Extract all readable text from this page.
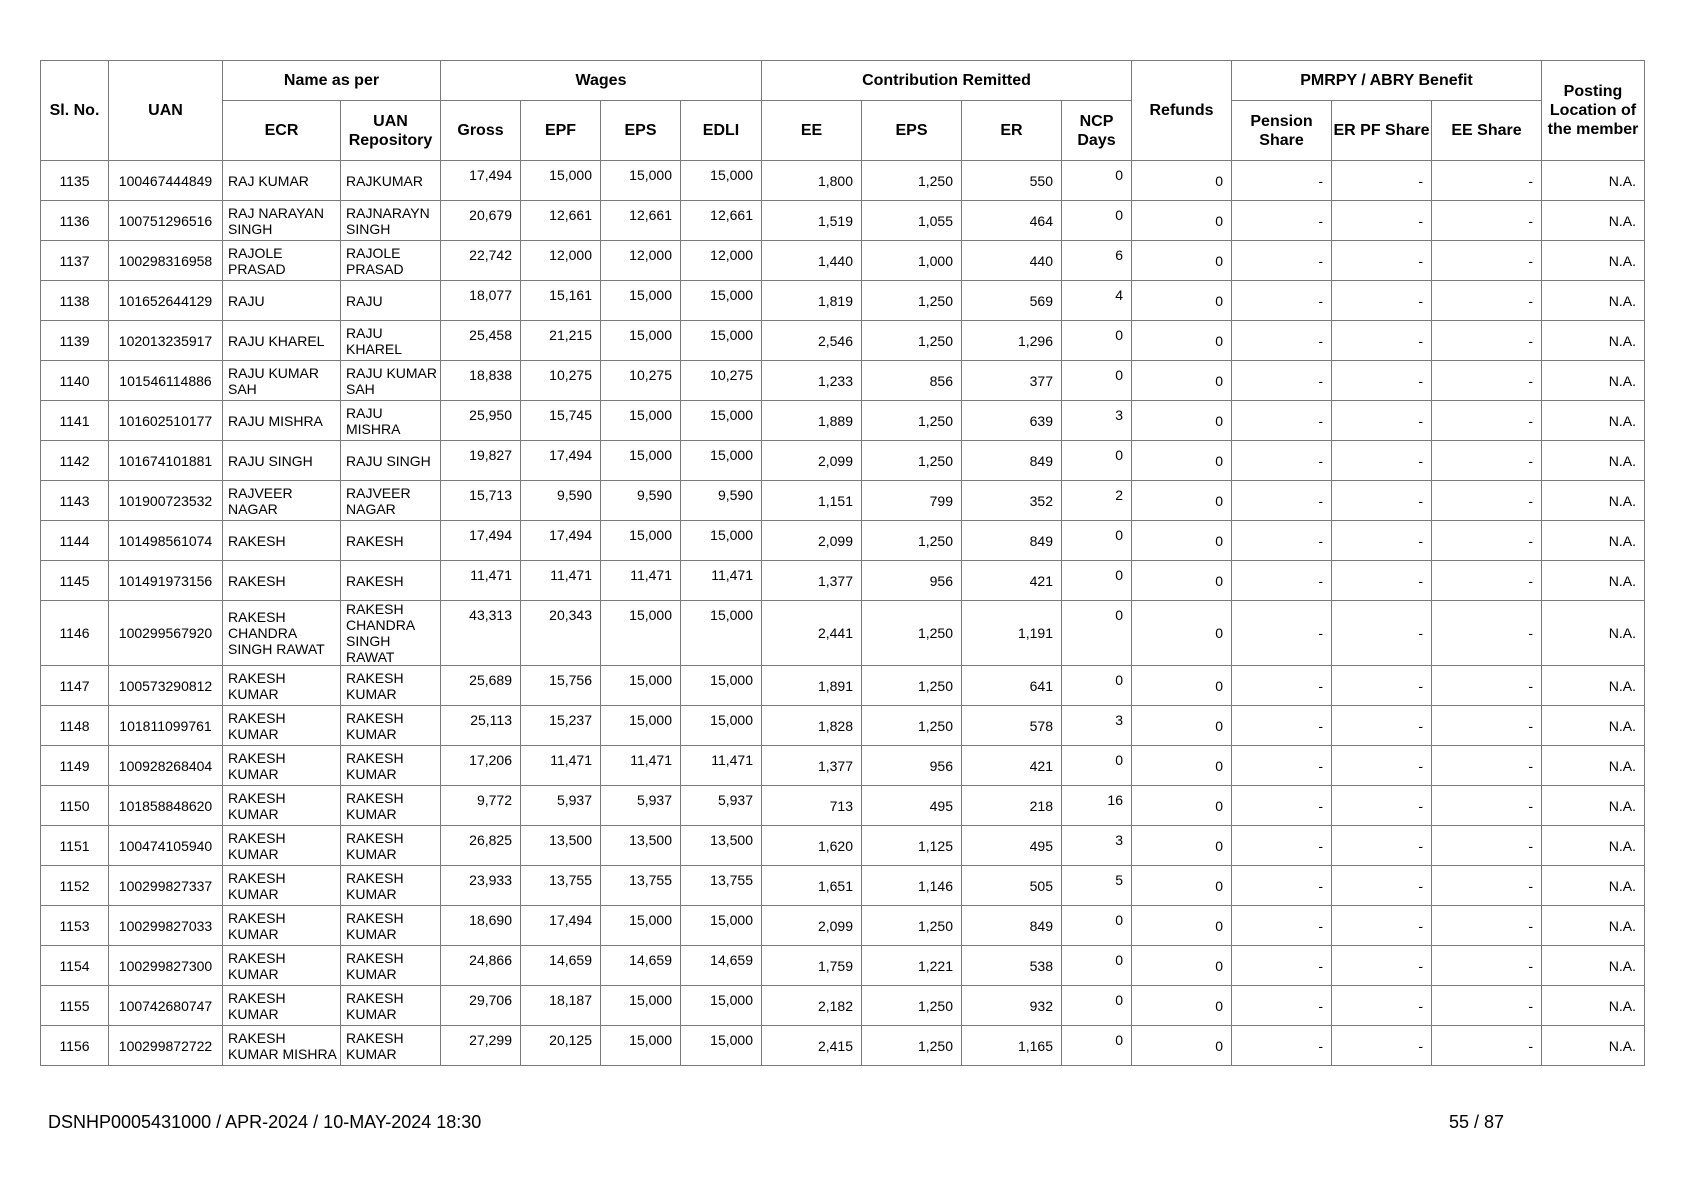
Sl. No.	UAN	Name as per		Wages				Contribution Remitted				Refunds	PMRPY / ABRY Benefit			Posting Location of the member
		ECR	UAN Repository	Gross	EPF	EPS	EDLI	EE	EPS	ER	NCP Days		Pension Share	ER PF Share	EE Share	
1135	100467444849	RAJ KUMAR	RAJKUMAR	17,494	15,000	15,000	15,000	1,800	1,250	550	0	0	-	-	-	N.A.
1136	100751296516	RAJ NARAYAN SINGH	RAJNARAYN SINGH	20,679	12,661	12,661	12,661	1,519	1,055	464	0	0	-	-	-	N.A.
1137	100298316958	RAJOLE PRASAD	RAJOLE PRASAD	22,742	12,000	12,000	12,000	1,440	1,000	440	6	0	-	-	-	N.A.
1138	101652644129	RAJU	RAJU	18,077	15,161	15,000	15,000	1,819	1,250	569	4	0	-	-	-	N.A.
1139	102013235917	RAJU KHAREL	RAJU KHAREL	25,458	21,215	15,000	15,000	2,546	1,250	1,296	0	0	-	-	-	N.A.
1140	101546114886	RAJU KUMAR SAH	RAJU KUMAR SAH	18,838	10,275	10,275	10,275	1,233	856	377	0	0	-	-	-	N.A.
1141	101602510177	RAJU MISHRA	RAJU MISHRA	25,950	15,745	15,000	15,000	1,889	1,250	639	3	0	-	-	-	N.A.
1142	101674101881	RAJU SINGH	RAJU SINGH	19,827	17,494	15,000	15,000	2,099	1,250	849	0	0	-	-	-	N.A.
1143	101900723532	RAJVEER NAGAR	RAJVEER NAGAR	15,713	9,590	9,590	9,590	1,151	799	352	2	0	-	-	-	N.A.
1144	101498561074	RAKESH	RAKESH	17,494	17,494	15,000	15,000	2,099	1,250	849	0	0	-	-	-	N.A.
1145	101491973156	RAKESH	RAKESH	11,471	11,471	11,471	11,471	1,377	956	421	0	0	-	-	-	N.A.
1146	100299567920	RAKESH CHANDRA SINGH RAWAT	RAKESH CHANDRA SINGH RAWAT	43,313	20,343	15,000	15,000	2,441	1,250	1,191	0	0	-	-	-	N.A.
1147	100573290812	RAKESH KUMAR	RAKESH KUMAR	25,689	15,756	15,000	15,000	1,891	1,250	641	0	0	-	-	-	N.A.
1148	101811099761	RAKESH KUMAR	RAKESH KUMAR	25,113	15,237	15,000	15,000	1,828	1,250	578	3	0	-	-	-	N.A.
1149	100928268404	RAKESH KUMAR	RAKESH KUMAR	17,206	11,471	11,471	11,471	1,377	956	421	0	0	-	-	-	N.A.
1150	101858848620	RAKESH KUMAR	RAKESH KUMAR	9,772	5,937	5,937	5,937	713	495	218	16	0	-	-	-	N.A.
1151	100474105940	RAKESH KUMAR	RAKESH KUMAR	26,825	13,500	13,500	13,500	1,620	1,125	495	3	0	-	-	-	N.A.
1152	100299827337	RAKESH KUMAR	RAKESH KUMAR	23,933	13,755	13,755	13,755	1,651	1,146	505	5	0	-	-	-	N.A.
1153	100299827033	RAKESH KUMAR	RAKESH KUMAR	18,690	17,494	15,000	15,000	2,099	1,250	849	0	0	-	-	-	N.A.
1154	100299827300	RAKESH KUMAR	RAKESH KUMAR	24,866	14,659	14,659	14,659	1,759	1,221	538	0	0	-	-	-	N.A.
1155	100742680747	RAKESH KUMAR	RAKESH KUMAR	29,706	18,187	15,000	15,000	2,182	1,250	932	0	0	-	-	-	N.A.
1156	100299872722	RAKESH KUMAR MISHRA	RAKESH KUMAR	27,299	20,125	15,000	15,000	2,415	1,250	1,165	0	0	-	-	-	N.A.
DSNHP0005431000 / APR-2024 / 10-MAY-2024 18:30	55 / 87
